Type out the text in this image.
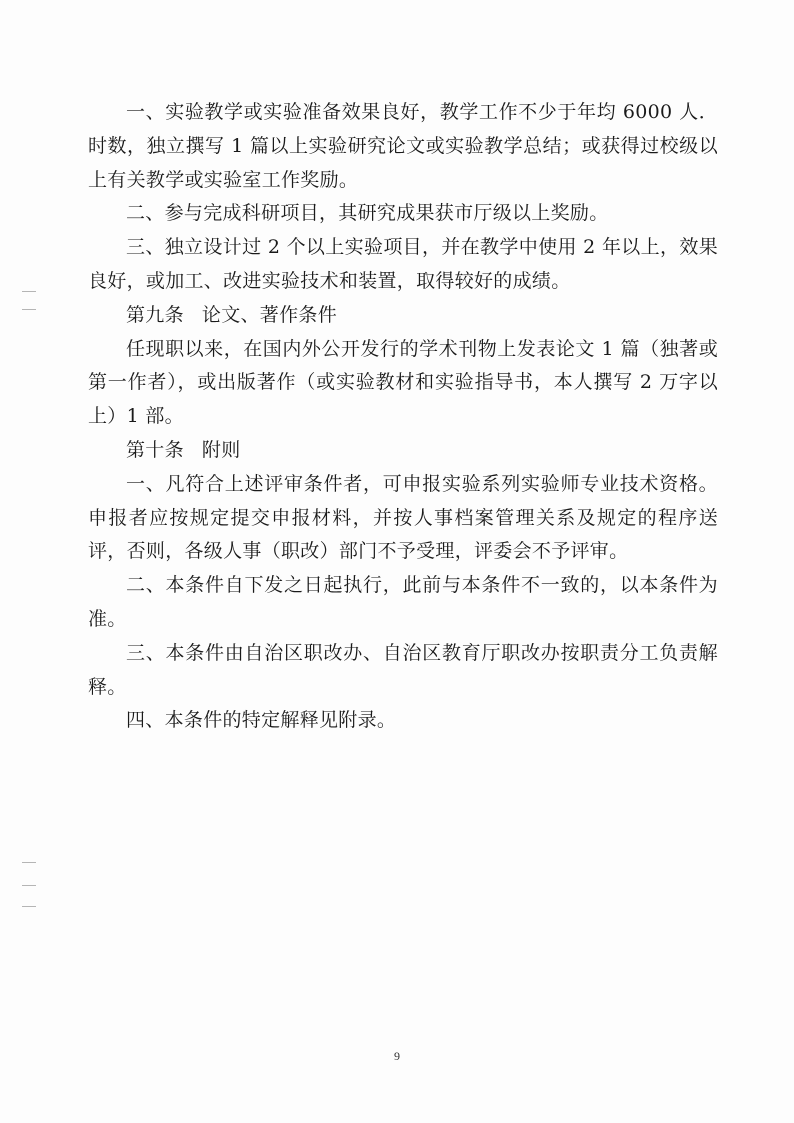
一、实验教学或实验准备效果良好，教学工作不少于年均 6000 人．时数，独立撰写 1 篇以上实验研究论文或实验教学总结；或获得过校级以上有关教学或实验室工作奖励。

二、参与完成科研项目，其研究成果获市厅级以上奖励。

三、独立设计过 2 个以上实验项目，并在教学中使用 2 年以上，效果良好，或加工、改进实验技术和装置，取得较好的成绩。

第九条 论文、著作条件

任现职以来，在国内外公开发行的学术刊物上发表论文 1 篇（独著或第一作者），或出版著作（或实验教材和实验指导书，本人撰写 2 万字以上）1 部。

第十条 附则

一、凡符合上述评审条件者，可申报实验系列实验师专业技术资格。申报者应按规定提交申报材料，并按人事档案管理关系及规定的程序送评，否则，各级人事（职改）部门不予受理，评委会不予评审。

二、本条件自下发之日起执行，此前与本条件不一致的，以本条件为准。

三、本条件由自治区职改办、自治区教育厅职改办按职责分工负责解释。

四、本条件的特定解释见附录。

9
